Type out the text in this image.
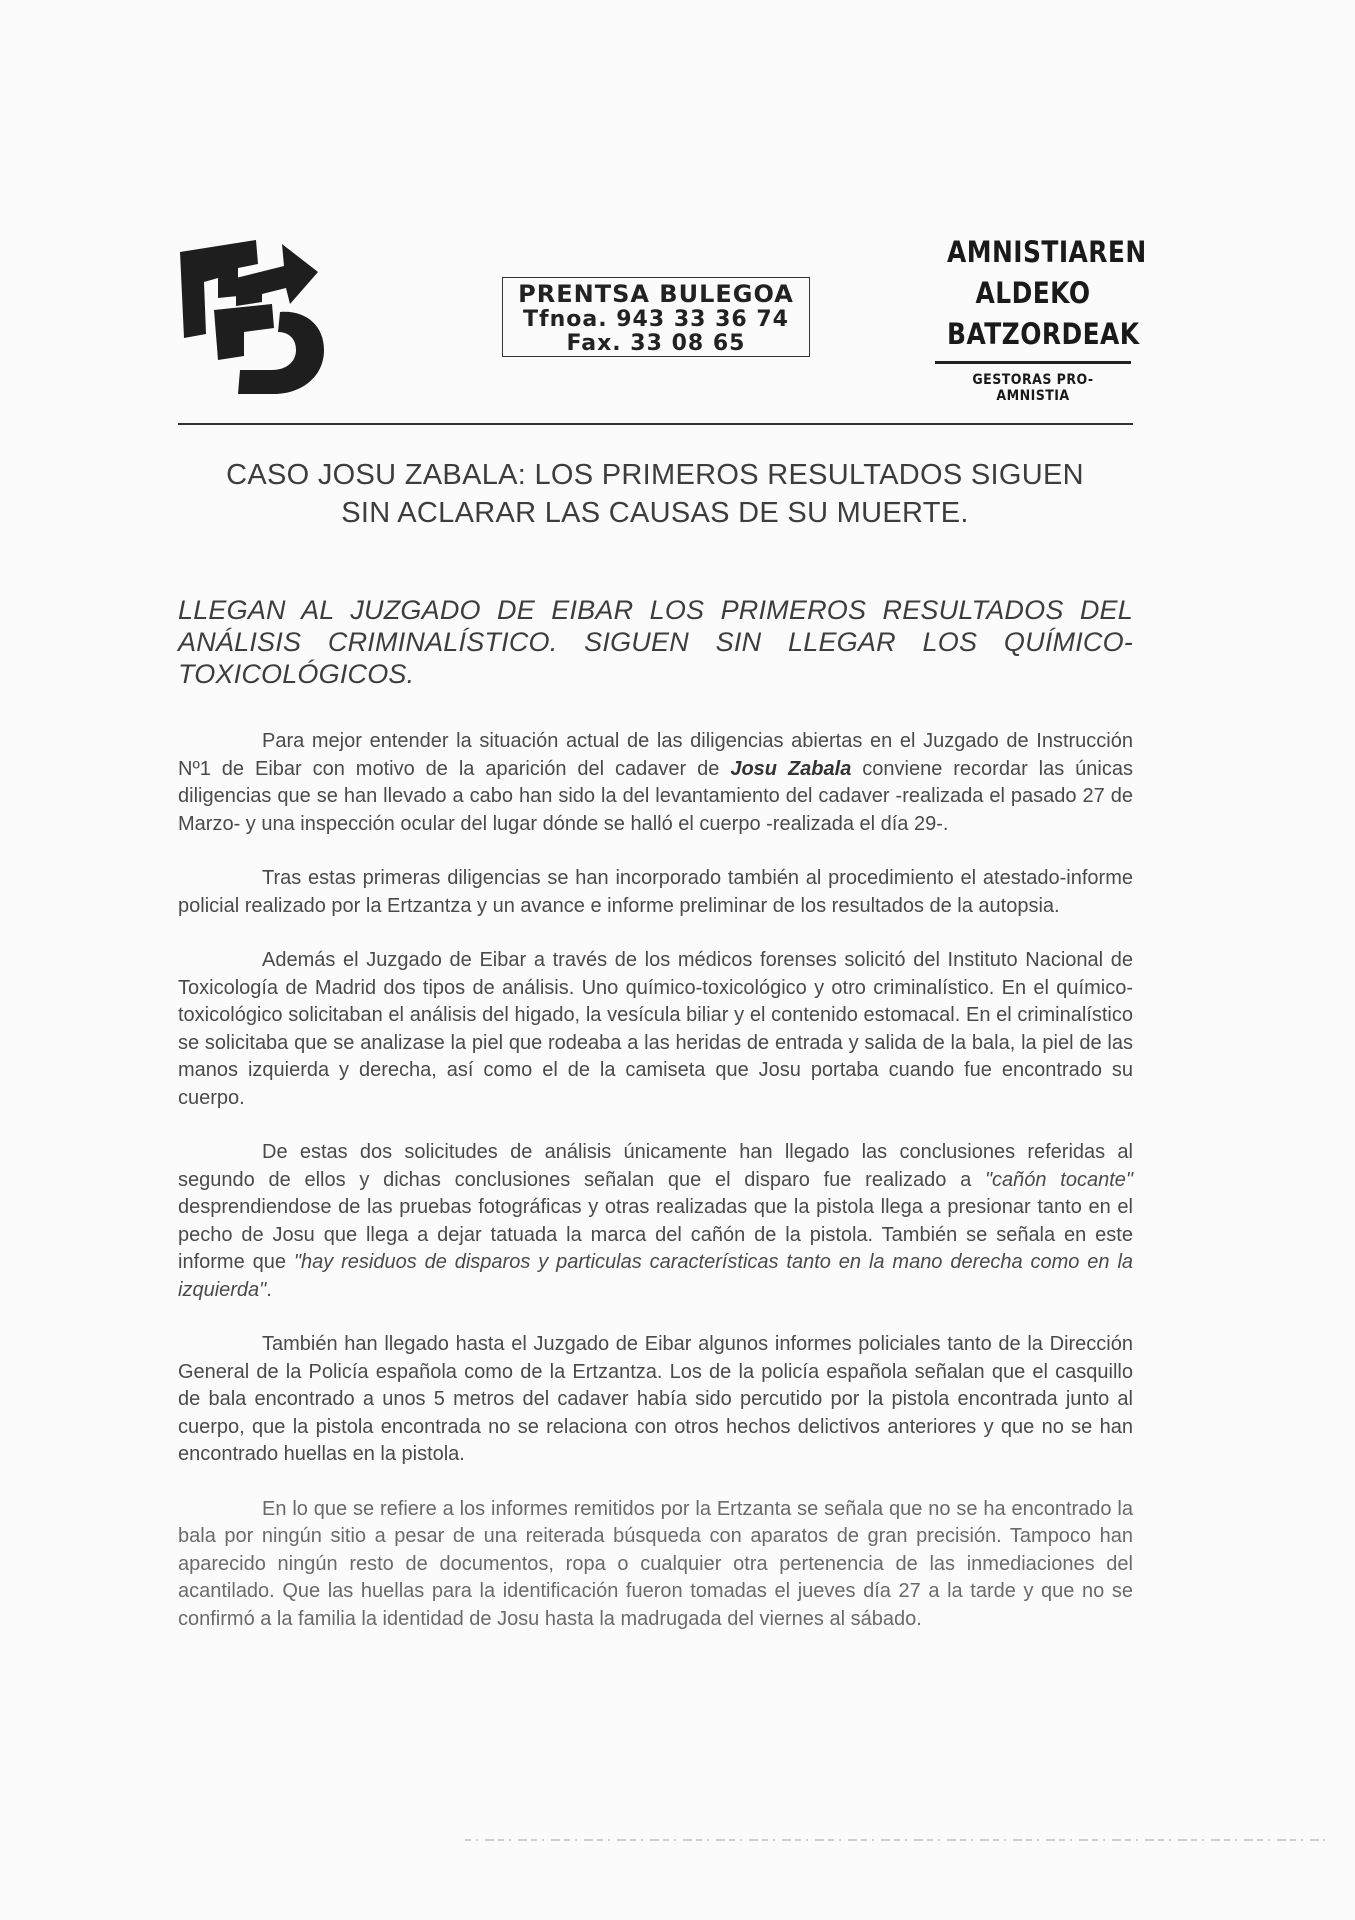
PRENTSA BULEGOA
Tfnoa. 943 33 36 74
Fax. 33 08 65
AMNISTIAREN
ALDEKO
BATZORDEAK
GESTORAS PRO-AMNISTIA
CASO JOSU ZABALA: LOS PRIMEROS RESULTADOS SIGUEN
SIN ACLARAR LAS CAUSAS DE SU MUERTE.
LLEGAN AL JUZGADO DE EIBAR LOS PRIMEROS RESULTADOS DEL ANÁLISIS CRIMINALÍSTICO. SIGUEN SIN LLEGAR LOS QUÍMICO-TOXICOLÓGICOS.

Para mejor entender la situación actual de las diligencias abiertas en el Juzgado de Instrucción Nº1 de Eibar con motivo de la aparición del cadaver de Josu Zabala conviene recordar las únicas diligencias que se han llevado a cabo han sido la del levantamiento del cadaver -realizada el pasado 27 de Marzo- y una inspección ocular del lugar dónde se halló el cuerpo -realizada el día 29-.

Tras estas primeras diligencias se han incorporado también al procedimiento el atestado-informe policial realizado por la Ertzantza y un avance e informe preliminar de los resultados de la autopsia.

Además el Juzgado de Eibar a través de los médicos forenses solicitó del Instituto Nacional de Toxicología de Madrid dos tipos de análisis. Uno químico-toxicológico y otro criminalístico. En el químico-toxicológico solicitaban el análisis del higado, la vesícula biliar y el contenido estomacal. En el criminalístico se solicitaba que se analizase la piel que rodeaba a las heridas de entrada y salida de la bala, la piel de las manos izquierda y derecha, así como el de la camiseta que Josu portaba cuando fue encontrado su cuerpo.

De estas dos solicitudes de análisis únicamente han llegado las conclusiones referidas al segundo de ellos y dichas conclusiones señalan que el disparo fue realizado a "cañón tocante" desprendiendose de las pruebas fotográficas y otras realizadas que la pistola llega a presionar tanto en el pecho de Josu que llega a dejar tatuada la marca del cañón de la pistola. También se señala en este informe que "hay residuos de disparos y particulas características tanto en la mano derecha como en la izquierda".

También han llegado hasta el Juzgado de Eibar algunos informes policiales tanto de la Dirección General de la Policía española como de la Ertzantza. Los de la policía española señalan que el casquillo de bala encontrado a unos 5 metros del cadaver había sido percutido por la pistola encontrada junto al cuerpo, que la pistola encontrada no se relaciona con otros hechos delictivos anteriores y que no se han encontrado huellas en la pistola.

En lo que se refiere a los informes remitidos por la Ertzanta se señala que no se ha encontrado la bala por ningún sitio a pesar de una reiterada búsqueda con aparatos de gran precisión. Tampoco han aparecido ningún resto de documentos, ropa o cualquier otra pertenencia de las inmediaciones del acantilado. Que las huellas para la identificación fueron tomadas el jueves día 27 a la tarde y que no se confirmó a la familia la identidad de Josu hasta la madrugada del viernes al sábado.
